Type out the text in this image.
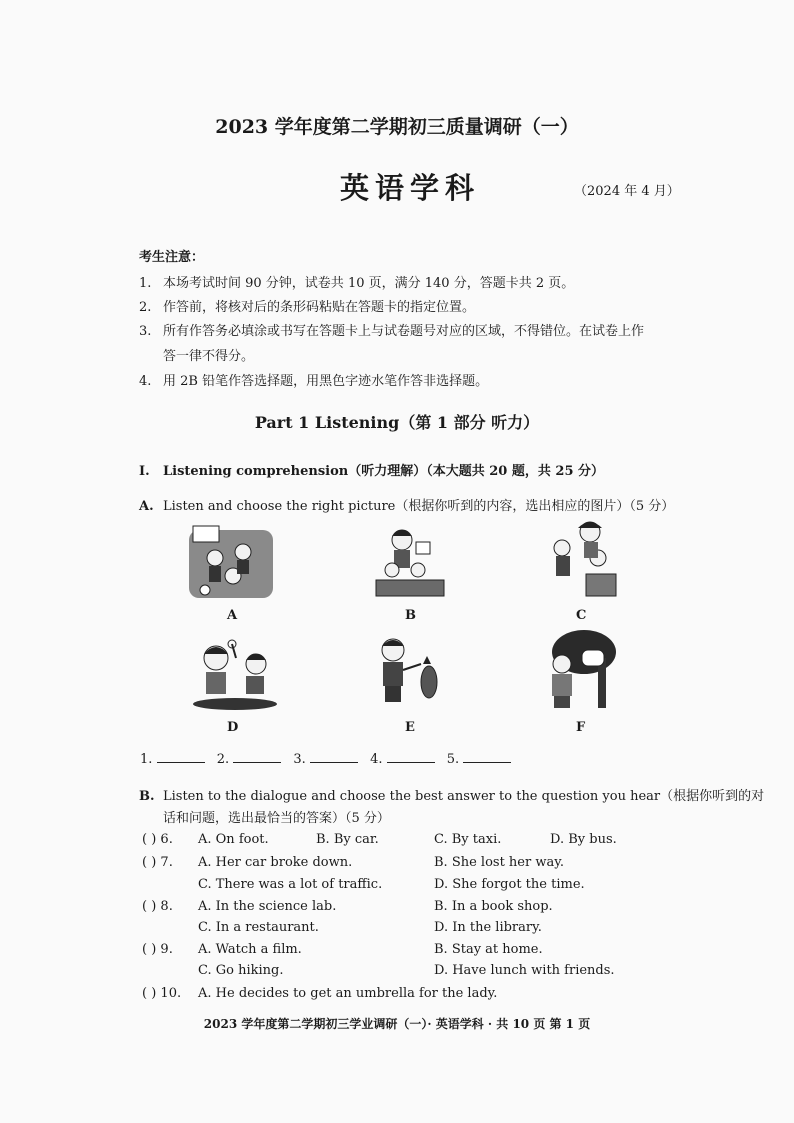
2023 学年度第二学期初三质量调研（一）
英语学科	（2024 年 4 月）
考生注意：
1. 本场考试时间 90 分钟，试卷共 10 页，满分 140 分，答题卡共 2 页。
2. 作答前，将核对后的条形码粘贴在答题卡的指定位置。
3. 所有作答务必填涂或书写在答题卡上与试卷题号对应的区域，不得错位。在试卷上作
答一律不得分。
4. 用 2B 铅笔作答选择题，用黑色字迹水笔作答非选择题。
Part 1 Listening（第 1 部分 听力）
I. Listening comprehension（听力理解）（本大题共 20 题，共 25 分）
A. Listen and choose the right picture（根据你听到的内容，选出相应的图片）（5 分）
A	B	C
D	E	F
1.	2.	3.	4.	5.
B. Listen to the dialogue and choose the best answer to the question you hear（根据你听到的对
话和问题，选出最恰当的答案）（5 分）
( ) 6. A. On foot.	B. By car.	C. By taxi.	D. By bus.
( ) 7. A. Her car broke down.	B. She lost her way.
C. There was a lot of traffic.	D. She forgot the time.
( ) 8. A. In the science lab.	B. In a book shop.
C. In a restaurant.	D. In the library.
( ) 9. A. Watch a film.	B. Stay at home.
C. Go hiking.	D. Have lunch with friends.
( ) 10. A. He decides to get an umbrella for the lady.
2023 学年度第二学期初三学业调研（一）· 英语学科 · 共 10 页 第 1 页
